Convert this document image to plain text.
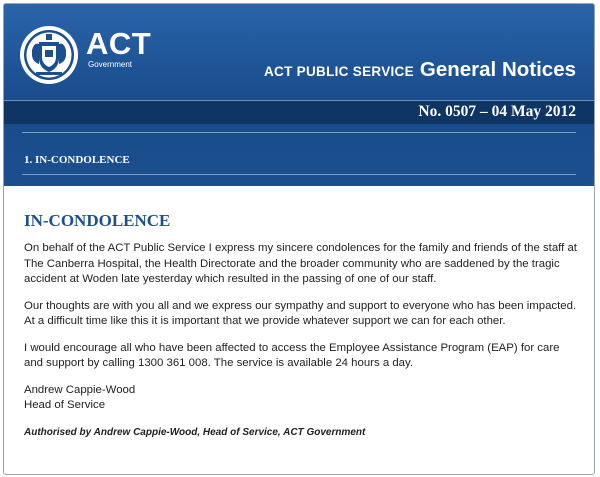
ACT
Government	ACT PUBLIC SERVICE General Notices
No. 0507 – 04 May 2012
1. IN-CONDOLENCE
IN-CONDOLENCE

On behalf of the ACT Public Service I express my sincere condolences for the family and friends of the staff at The Canberra Hospital, the Health Directorate and the broader community who are saddened by the tragic accident at Woden late yesterday which resulted in the passing of one of our staff.

Our thoughts are with you all and we express our sympathy and support to everyone who has been impacted. At a difficult time like this it is important that we provide whatever support we can for each other.

I would encourage all who have been affected to access the Employee Assistance Program (EAP) for care and support by calling 1300 361 008. The service is available 24 hours a day.

Andrew Cappie-Wood
Head of Service
Authorised by Andrew Cappie-Wood, Head of Service, ACT Government
